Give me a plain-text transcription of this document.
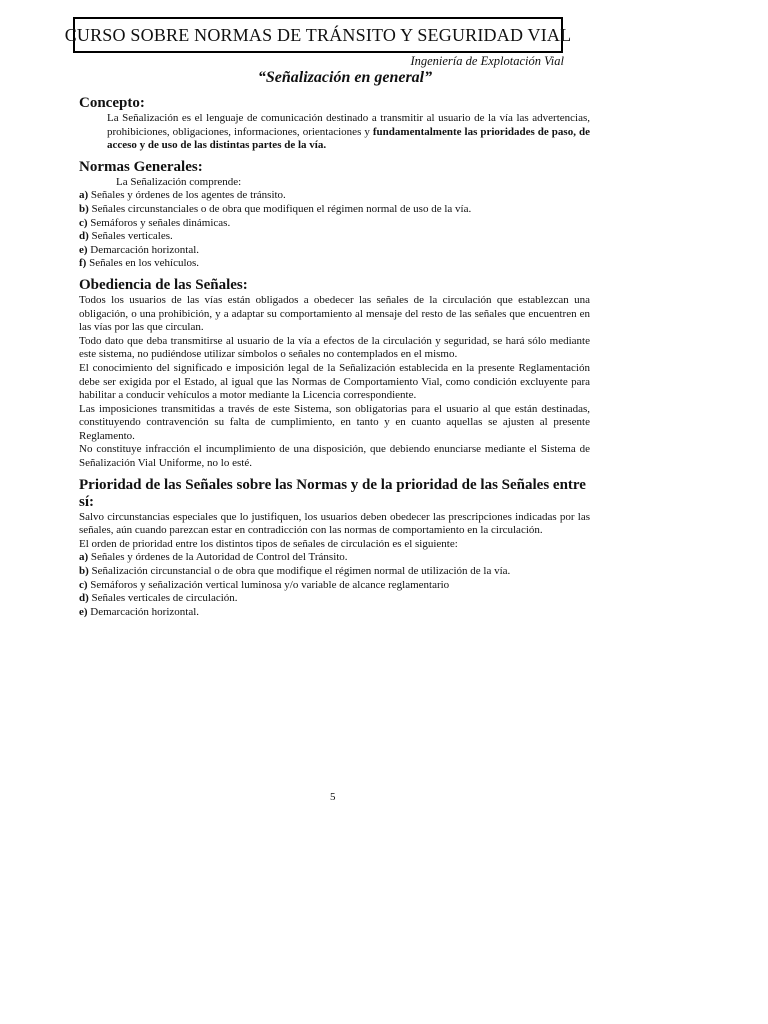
CURSO SOBRE NORMAS DE TRÁNSITO Y SEGURIDAD VIAL
Ingeniería de Explotación Vial
“Señalización en general”
Concepto:

La Señalización es el lenguaje de comunicación destinado a transmitir al usuario de la vía las advertencias, prohibiciones, obligaciones, informaciones, orientaciones y fundamentalmente las prioridades de paso, de acceso y de uso de las distintas partes de la vía.

Normas Generales:

La Señalización comprende:

a) Señales y órdenes de los agentes de tránsito.
b) Señales circunstanciales o de obra que modifiquen el régimen normal de uso de la vía.
c) Semáforos y señales dinámicas.
d) Señales verticales.
e) Demarcación horizontal.
f) Señales en los vehículos.
Obediencia de las Señales:

Todos los usuarios de las vías están obligados a obedecer las señales de la circulación que establezcan una obligación, o una prohibición, y a adaptar su comportamiento al mensaje del resto de las señales que encuentren en las vías por las que circulan.

Todo dato que deba transmitirse al usuario de la vía a efectos de la circulación y seguridad, se hará sólo mediante este sistema, no pudiéndose utilizar símbolos o señales no contemplados en el mismo.

El conocimiento del significado e imposición legal de la Señalización establecida en la presente Reglamentación debe ser exigida por el Estado, al igual que las Normas de Comportamiento Vial, como condición excluyente para habilitar a conducir vehículos a motor mediante la Licencia correspondiente.

Las imposiciones transmitidas a través de este Sistema, son obligatorias para el usuario al que están destinadas, constituyendo contravención su falta de cumplimiento, en tanto y en cuanto aquellas se ajusten al presente Reglamento.

No constituye infracción el incumplimiento de una disposición, que debiendo enunciarse mediante el Sistema de Señalización Vial Uniforme, no lo esté.

Prioridad de las Señales sobre las Normas y de la prioridad de las Señales entre sí:

Salvo circunstancias especiales que lo justifiquen, los usuarios deben obedecer las prescripciones indicadas por las señales, aún cuando parezcan estar en contradicción con las normas de comportamiento en la circulación.

El orden de prioridad entre los distintos tipos de señales de circulación es el siguiente:

a) Señales y órdenes de la Autoridad de Control del Tránsito.
b) Señalización circunstancial o de obra que modifique el régimen normal de utilización de la vía.
c) Semáforos y señalización vertical luminosa y/o variable de alcance reglamentario
d) Señales verticales de circulación.
e) Demarcación horizontal.
5
